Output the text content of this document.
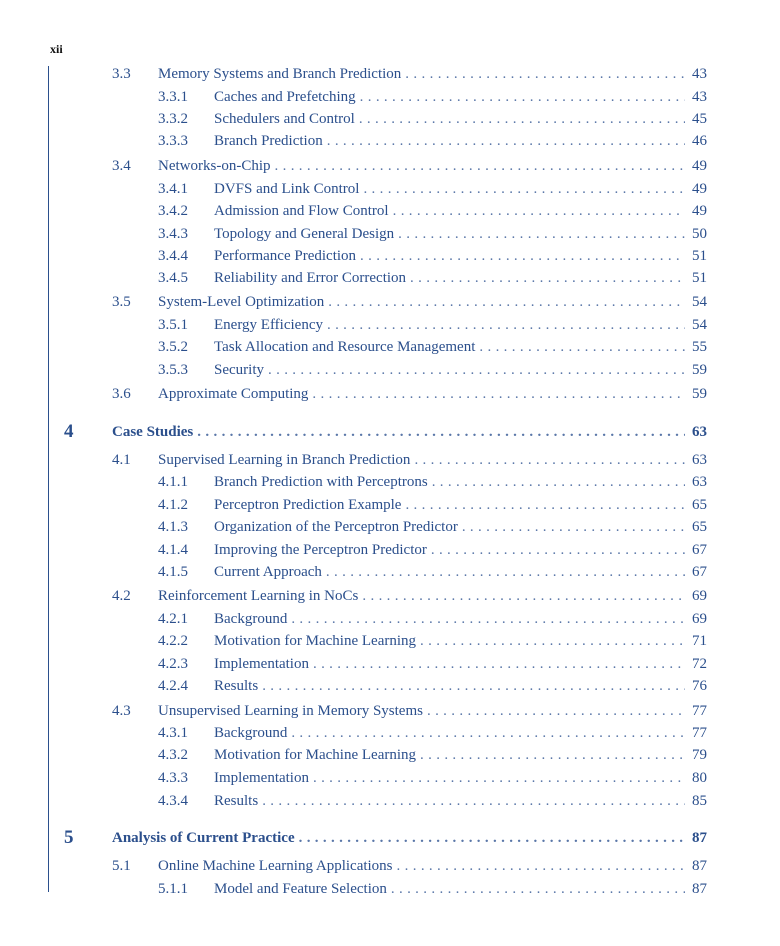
xii
3.3	Memory Systems and Branch Prediction . . .	43
3.3.1	Caches and Prefetching . . .	43
3.3.2	Schedulers and Control . . .	45
3.3.3	Branch Prediction . . .	46
3.4	Networks-on-Chip . . .	49
3.4.1	DVFS and Link Control . . .	49
3.4.2	Admission and Flow Control . . .	49
3.4.3	Topology and General Design . . .	50
3.4.4	Performance Prediction . . .	51
3.4.5	Reliability and Error Correction . . .	51
3.5	System-Level Optimization . . .	54
3.5.1	Energy Efficiency . . .	54
3.5.2	Task Allocation and Resource Management . . .	55
3.5.3	Security . . .	59
3.6	Approximate Computing . . .	59
4	Case Studies . . .	63
4.1	Supervised Learning in Branch Prediction . . .	63
4.1.1	Branch Prediction with Perceptrons . . .	63
4.1.2	Perceptron Prediction Example . . .	65
4.1.3	Organization of the Perceptron Predictor . . .	65
4.1.4	Improving the Perceptron Predictor . . .	67
4.1.5	Current Approach . . .	67
4.2	Reinforcement Learning in NoCs . . .	69
4.2.1	Background . . .	69
4.2.2	Motivation for Machine Learning . . .	71
4.2.3	Implementation . . .	72
4.2.4	Results . . .	76
4.3	Unsupervised Learning in Memory Systems . . .	77
4.3.1	Background . . .	77
4.3.2	Motivation for Machine Learning . . .	79
4.3.3	Implementation . . .	80
4.3.4	Results . . .	85
5	Analysis of Current Practice . . .	87
5.1	Online Machine Learning Applications . . .	87
5.1.1	Model and Feature Selection . . .	87
